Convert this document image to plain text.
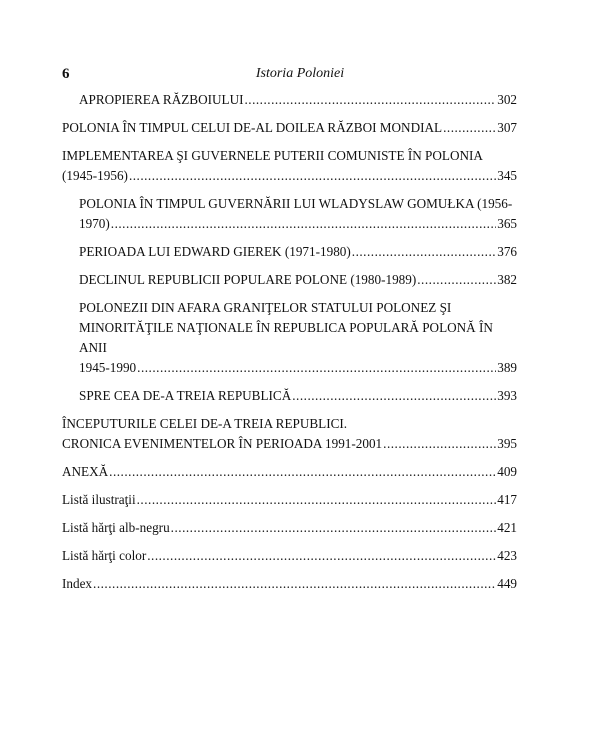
6	Istoria Poloniei
APROPIEREA RĂZBOIULUI .....	302
POLONIA ÎN TIMPUL CELUI DE-AL DOILEA RĂZBOI MONDIAL .....	307
IMPLEMENTAREA ŞI GUVERNELE PUTERII COMUNISTE ÎN POLONIA
(1945-1956) .....	345
POLONIA ÎN TIMPUL GUVERNĂRII LUI WLADYSLAW GOMUŁKA (1956-
1970) .....	365
PERIOADA LUI EDWARD GIEREK (1971-1980) .....	376
DECLINUL REPUBLICII POPULARE POLONE (1980-1989) .....	382
POLONEZII DIN AFARA GRANIŢELOR STATULUI POLONEZ ŞI
MINORITĂŢILE NAŢIONALE ÎN REPUBLICA POPULARĂ POLONĂ ÎN ANII
1945-1990 .....	389
SPRE CEA DE-A TREIA REPUBLICĂ .....	393
ÎNCEPUTURILE CELEI DE-A TREIA REPUBLICI.
CRONICA EVENIMENTELOR ÎN PERIOADA 1991-2001 .....	395
ANEXĂ .....	409
Listă ilustraţii .....	417
Listă hărţi alb-negru .....	421
Listă hărţi color .....	423
Index .....	449
